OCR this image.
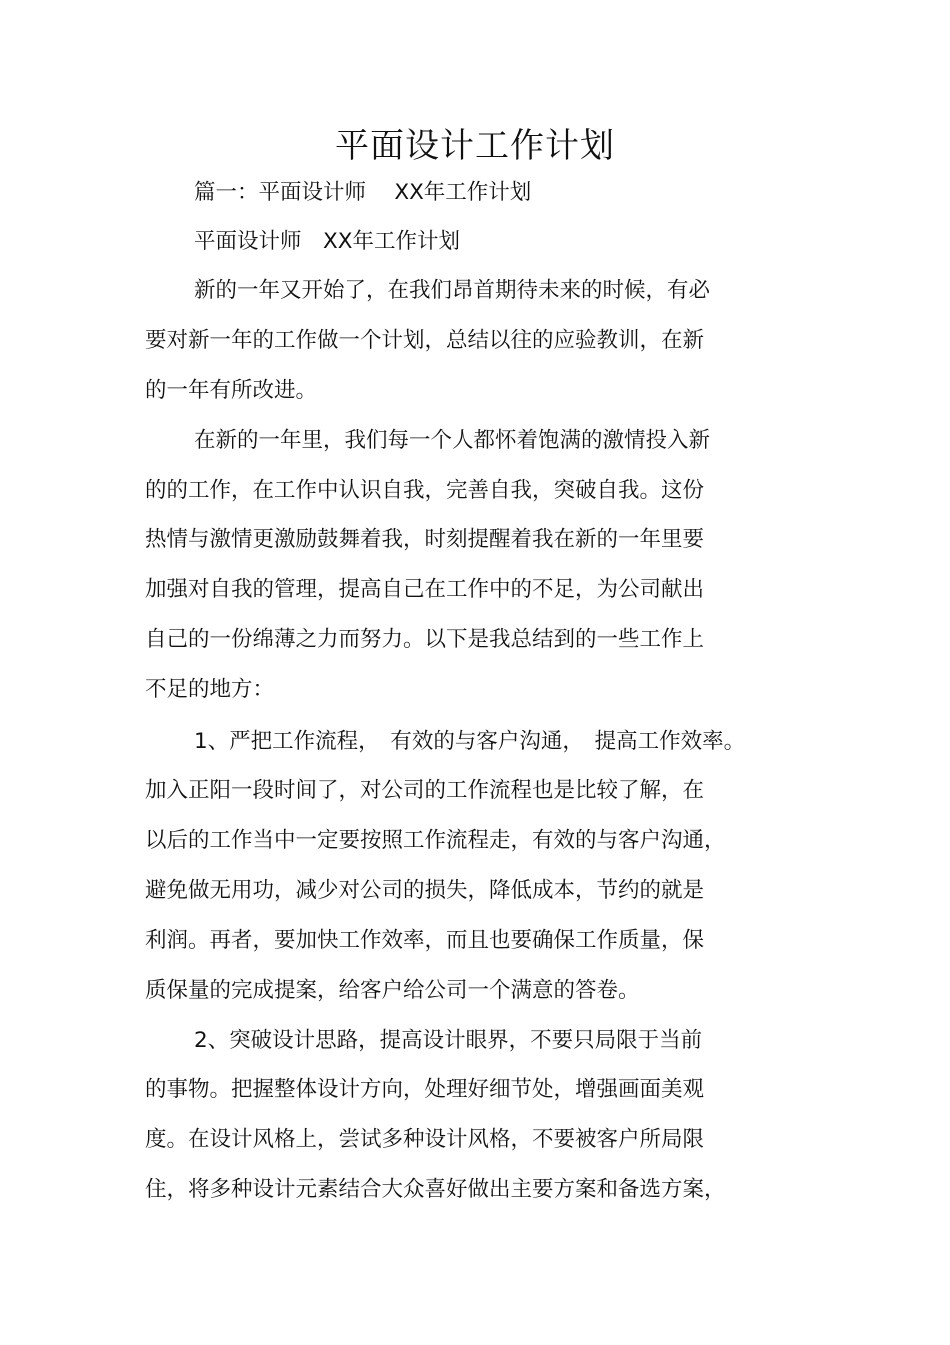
平面设计工作计划
篇一：平面设计师　 XX年工作计划
平面设计师　XX年工作计划
新的一年又开始了，在我们昂首期待未来的时候，有必
要对新一年的工作做一个计划，总结以往的应验教训，在新
的一年有所改进。
在新的一年里，我们每一个人都怀着饱满的激情投入新
的的工作，在工作中认识自我，完善自我，突破自我。这份
热情与激情更激励鼓舞着我，时刻提醒着我在新的一年里要
加强对自我的管理，提高自己在工作中的不足，为公司献出
自己的一份绵薄之力而努力。以下是我总结到的一些工作上
不足的地方：
1、严把工作流程，　有效的与客户沟通，　提高工作效率。
加入正阳一段时间了，对公司的工作流程也是比较了解，在
以后的工作当中一定要按照工作流程走，有效的与客户沟通，
避免做无用功，减少对公司的损失，降低成本，节约的就是
利润。再者，要加快工作效率，而且也要确保工作质量，保
质保量的完成提案，给客户给公司一个满意的答卷。
2、突破设计思路，提高设计眼界，不要只局限于当前
的事物。把握整体设计方向，处理好细节处，增强画面美观
度。在设计风格上，尝试多种设计风格，不要被客户所局限
住，将多种设计元素结合大众喜好做出主要方案和备选方案，
